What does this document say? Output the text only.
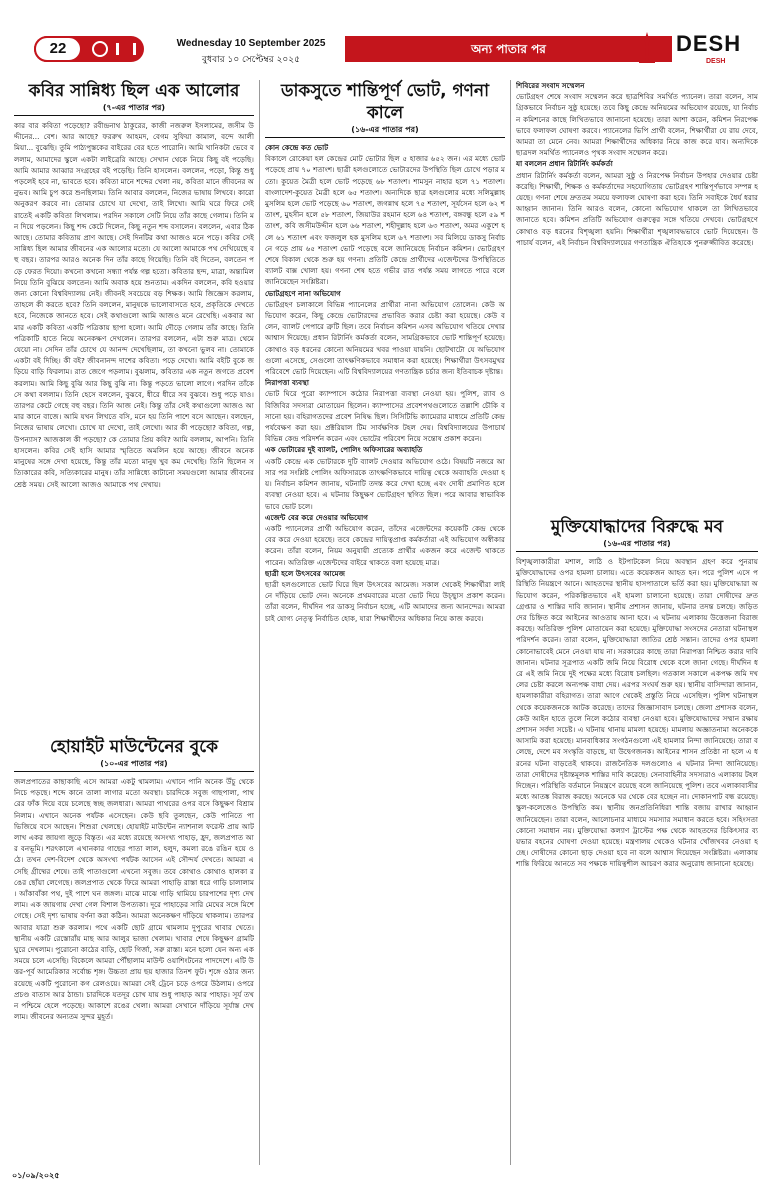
22	Wednesday 10 September 2025
বুধবার ১০ সেপ্টেম্বর ২০২৫
অন্য পাতার পর	DESH
DESH
কবির সান্নিধ্য ছিল এক আলোর
(৭-এর পাতার পর)
কার বার কবিতা পড়েছো? রবীন্দ্রনাথ ঠাকুরের, কাজী নজরুল ইসলামের, জসীম উদ্দীনের... বেশ। আর আছে? ফররুখ আহমদ, বেগম সুফিয়া কামাল, বন্দে আলী মিয়া... বুঝেছি। তুমি পাঠ্যপুস্তকের বাইরের বের হতে পারোনি। আমি খানিকটা ভেবে বললাম, আমাদের স্কুলে একটা লাইব্রেরি আছে। সেখান থেকে নিয়ে কিছু বই পড়েছি। আমি আমার আব্বার সংগ্রহের বই পড়েছি। তিনি হাসলেন। বললেন, পড়ো, কিন্তু শুধু পড়লেই হবে না, ভাবতে হবে। কবিতা মানে শব্দের খেলা নয়, কবিতা মানে জীবনের অনুভব। আমি চুপ করে শুনছিলাম। তিনি আবার বললেন, নিজের ভাষায় লিখবে। কারো অনুকরণ করবে না। তোমার চোখে যা দেখো, তাই লিখো। আমি ঘরে ফিরে সেই রাতেই একটি কবিতা লিখলাম। পরদিন সকালে সেটি নিয়ে তাঁর কাছে গেলাম। তিনি মন দিয়ে পড়লেন। কিছু শব্দ কেটে দিলেন, কিছু নতুন শব্দ বসালেন। বললেন, এবার ঠিক আছে। তোমার কবিতায় প্রাণ আছে। সেই দিনটির কথা আজও মনে পড়ে। কবির সেই সান্নিধ্য ছিল আমার জীবনের এক আলোর মতো। যে আলো আমাকে পথ দেখিয়েছে বহু বছর। তারপর আরও অনেক দিন তাঁর কাছে গিয়েছি। তিনি বই দিতেন, বলতেন পড়ে ফেরত দিয়ো। কখনো কখনো সন্ধ্যা পর্যন্ত গল্প হতো। কবিতার ছন্দ, মাত্রা, অন্ত্যমিল নিয়ে তিনি বুঝিয়ে বলতেন। আমি অবাক হয়ে শুনতাম। একদিন বললেন, কবি হওয়ার জন্য কোনো বিশ্ববিদ্যালয় নেই। জীবনই সবচেয়ে বড় শিক্ষক। আমি জিজ্ঞেস করলাম, তাহলে কী করতে হবে? তিনি বললেন, মানুষকে ভালোবাসতে হবে, প্রকৃতিকে দেখতে হবে, নিজেকে জানতে হবে। সেই কথাগুলো আমি আজও মনে রেখেছি। একবার আমার একটি কবিতা একটি পত্রিকায় ছাপা হলো। আমি দৌড়ে গেলাম তাঁর কাছে। তিনি পত্রিকাটি হাতে নিয়ে অনেকক্ষণ দেখলেন। তারপর বললেন, এটা শুরু মাত্র। থেমে যেয়ো না। সেদিন তাঁর চোখে যে আনন্দ দেখেছিলাম, তা কখনো ভুলব না। তোমাকে একটা বই দিচ্ছি। কী বই? জীবনানন্দ দাশের কবিতা। পড়ে দেখো। আমি বইটি বুকে জড়িয়ে বাড়ি ফিরলাম। রাত জেগে পড়লাম। বুঝলাম, কবিতার এক নতুন জগতে প্রবেশ করলাম। আমি কিছু বুঝি আর কিছু বুঝি না। কিন্তু পড়তে ভালো লাগে। পরদিন তাঁকে সে কথা বললাম। তিনি হেসে বললেন, বুঝবে, ধীরে ধীরে সব বুঝবে। শুধু পড়ে যাও। তারপর কেটে গেছে বহু বছর। তিনি আজ নেই। কিন্তু তাঁর সেই কথাগুলো আজও আমার কানে বাজে। আমি যখন লিখতে বসি, মনে হয় তিনি পাশে বসে আছেন। বলছেন, নিজের ভাষায় লেখো। চোখে যা দেখো, তাই লেখো। আর কী পড়েছো? কবিতা, গল্প, উপন্যাস? আজকাল কী পড়ছো? কে তোমার প্রিয় কবি? আমি বললাম, আপনি। তিনি হাসলেন। কবির সেই হাসি আমার স্মৃতিতে অমলিন হয়ে আছে। জীবনে অনেক মানুষের সঙ্গে দেখা হয়েছে, কিন্তু তাঁর মতো মানুষ খুব কম দেখেছি। তিনি ছিলেন সত্যিকারের কবি, সত্যিকারের মানুষ। তাঁর সান্নিধ্যে কাটানো সময়গুলো আমার জীবনের শ্রেষ্ঠ সময়। সেই আলো আজও আমাকে পথ দেখায়।
হোয়াইট মাউন্টেনের বুকে
(১০-এর পাতার পর)
জলপ্রপাতের কাছাকাছি এসে আমরা একটু থামলাম। এখানে পানি অনেক উঁচু থেকে নিচে পড়ছে। শব্দে কানে তালা লাগার মতো অবস্থা। চারদিকে সবুজ গাছপালা, পাথরের ফাঁক দিয়ে বয়ে চলেছে স্বচ্ছ জলধারা। আমরা পাথরের ওপর বসে কিছুক্ষণ বিশ্রাম নিলাম। এখানে অনেক পর্যটক এসেছেন। কেউ ছবি তুলছেন, কেউ পানিতে পা ভিজিয়ে বসে আছেন। শিশুরা খেলছে। হোয়াইট মাউন্টেন ন্যাশনাল ফরেস্ট প্রায় আট লাখ একর জায়গা জুড়ে বিস্তৃত। এর মধ্যে রয়েছে অসংখ্য পাহাড়, হ্রদ, জলপ্রপাত আর বনভূমি। শরৎকালে এখানকার গাছের পাতা লাল, হলুদ, কমলা রঙে রঙিন হয়ে ওঠে। তখন দেশ-বিদেশ থেকে অসংখ্য পর্যটক আসেন এই সৌন্দর্য দেখতে। আমরা এসেছি গ্রীষ্মের শেষে। তাই পাতাগুলো এখনো সবুজ। তবে কোথাও কোথাও হালকা রঙের ছোঁয়া লেগেছে। জলপ্রপাত থেকে ফিরে আমরা পাহাড়ি রাস্তা ধরে গাড়ি চালালাম। আঁকাবাঁকা পথ, দুই পাশে ঘন জঙ্গল। মাঝে মাঝে গাড়ি থামিয়ে চারপাশের দৃশ্য দেখলাম। এক জায়গায় দেখা গেল বিশাল উপত্যকা। দূরে পাহাড়ের সারি মেঘের সঙ্গে মিশে গেছে। সেই দৃশ্য ভাষায় বর্ণনা করা কঠিন। আমরা অনেকক্ষণ দাঁড়িয়ে থাকলাম। তারপর আবার যাত্রা শুরু করলাম। পথে একটি ছোট গ্রামে থামলাম দুপুরের খাবার খেতে। স্থানীয় একটি রেস্তোরাঁয় মাছ আর আলুর ভাজা খেলাম। খাবার শেষে কিছুক্ষণ গ্রামটি ঘুরে দেখলাম। পুরোনো কাঠের বাড়ি, ছোট গির্জা, সরু রাস্তা। মনে হলো যেন অন্য এক সময়ে চলে এসেছি। বিকেলে আমরা পৌঁছালাম মাউন্ট ওয়াশিংটনের পাদদেশে। এটি উত্তর-পূর্ব আমেরিকার সর্বোচ্চ শৃঙ্গ। উচ্চতা প্রায় ছয় হাজার তিনশ ফুট। শৃঙ্গে ওঠার জন্য রয়েছে একটি পুরোনো কগ রেলওয়ে। আমরা সেই ট্রেনে চড়ে ওপরে উঠলাম। ওপরে প্রচণ্ড বাতাস আর ঠান্ডা। চারদিকে যতদূর চোখ যায় শুধু পাহাড় আর পাহাড়। সূর্য তখন পশ্চিমে হেলে পড়েছে। আকাশে রঙের খেলা। আমরা সেখানে দাঁড়িয়ে সূর্যাস্ত দেখলাম। জীবনের অন্যতম সুন্দর মুহূর্ত।
ডাকসুতে শান্তিপূর্ণ ভোট, গণনা কালে
(১৬-এর পাতার পর)
কোন কেন্দ্রে কত ভোট
বিকালে রোকেয়া হল কেন্দ্রের মোট ভোটার ছিল ৫ হাজার ৬৫২ জন। এর মধ্যে ভোট পড়েছে প্রায় ৭০ শতাংশ। ছাত্রী হলগুলোতে ভোটারদের উপস্থিতি ছিল চোখে পড়ার মতো। কুয়েত মৈত্রী হলে ভোট পড়েছে ৬৮ শতাংশ। শামসুন নাহার হলে ৭১ শতাংশ। বাংলাদেশ-কুয়েত মৈত্রী হলে ৬৫ শতাংশ। অন্যদিকে ছাত্র হলগুলোর মধ্যে সলিমুল্লাহ মুসলিম হলে ভোট পড়েছে ৬০ শতাংশ, জগন্নাথ হলে ৭৫ শতাংশ, সূর্যসেন হলে ৬২ শতাংশ, মুহসীন হলে ৫৮ শতাংশ, জিয়াউর রহমান হলে ৬৪ শতাংশ, বঙ্গবন্ধু হলে ৫৯ শতাংশ, কবি জসীমউদ্দীন হলে ৬৬ শতাংশ, শহীদুল্লাহ হলে ৬৩ শতাংশ, অমর একুশে হলে ৬১ শতাংশ এবং ফজলুল হক মুসলিম হলে ৬৭ শতাংশ। সব মিলিয়ে ডাকসু নির্বাচনে গড়ে প্রায় ৬৫ শতাংশ ভোট পড়েছে বলে জানিয়েছে নির্বাচন কমিশন। ভোটগ্রহণ শেষে বিকাল থেকে শুরু হয় গণনা। প্রতিটি কেন্দ্রে প্রার্থীদের এজেন্টদের উপস্থিতিতে ব্যালট বাক্স খোলা হয়। গণনা শেষ হতে গভীর রাত পর্যন্ত সময় লাগতে পারে বলে জানিয়েছেন সংশ্লিষ্টরা।
ভোটগ্রহণে নানা অভিযোগ
ভোটগ্রহণ চলাকালে বিভিন্ন প্যানেলের প্রার্থীরা নানা অভিযোগ তোলেন। কেউ অভিযোগ করেন, কিছু কেন্দ্রে ভোটারদের প্রভাবিত করার চেষ্টা করা হয়েছে। কেউ বলেন, ব্যালট পেপারে ত্রুটি ছিল। তবে নির্বাচন কমিশন এসব অভিযোগ খতিয়ে দেখার আশ্বাস দিয়েছে। প্রধান রিটার্নিং কর্মকর্তা বলেন, সামগ্রিকভাবে ভোট শান্তিপূর্ণ হয়েছে। কোথাও বড় ধরনের কোনো অনিয়মের খবর পাওয়া যায়নি। ছোটখাটো যে অভিযোগগুলো এসেছে, সেগুলো তাৎক্ষণিকভাবে সমাধান করা হয়েছে। শিক্ষার্থীরা উৎসবমুখর পরিবেশে ভোট দিয়েছেন। এটি বিশ্ববিদ্যালয়ের গণতান্ত্রিক চর্চার জন্য ইতিবাচক দৃষ্টান্ত।
নিরাপত্তা ব্যবস্থা
ভোট ঘিরে পুরো ক্যাম্পাসে কঠোর নিরাপত্তা ব্যবস্থা নেওয়া হয়। পুলিশ, র‌্যাব ও বিজিবির সদস্যরা মোতায়েন ছিলেন। ক্যাম্পাসের প্রবেশপথগুলোতে তল্লাশি চৌকি বসানো হয়। বহিরাগতদের প্রবেশ নিষিদ্ধ ছিল। সিসিটিভি ক্যামেরার মাধ্যমে প্রতিটি কেন্দ্র পর্যবেক্ষণ করা হয়। প্রক্টরিয়াল টিম সার্বক্ষণিক টহল দেয়। বিশ্ববিদ্যালয়ের উপাচার্য বিভিন্ন কেন্দ্র পরিদর্শন করেন এবং ভোটের পরিবেশ নিয়ে সন্তোষ প্রকাশ করেন।
এক ভোটারের দুই ব্যালট, পোলিং অফিসারের অব্যাহতি
একটি কেন্দ্রে এক ভোটারকে দুটি ব্যালট দেওয়ার অভিযোগ ওঠে। বিষয়টি নজরে আসার পর সংশ্লিষ্ট পোলিং অফিসারকে তাৎক্ষণিকভাবে দায়িত্ব থেকে অব্যাহতি দেওয়া হয়। নির্বাচন কমিশন জানায়, ঘটনাটি তদন্ত করে দেখা হচ্ছে এবং দোষী প্রমাণিত হলে ব্যবস্থা নেওয়া হবে। এ ঘটনায় কিছুক্ষণ ভোটগ্রহণ স্থগিত ছিল। পরে আবার স্বাভাবিকভাবে ভোট চলে।
এজেন্ট বের করে দেওয়ার অভিযোগ
একটি প্যানেলের প্রার্থী অভিযোগ করেন, তাঁদের এজেন্টদের কয়েকটি কেন্দ্র থেকে বের করে দেওয়া হয়েছে। তবে কেন্দ্রের দায়িত্বপ্রাপ্ত কর্মকর্তারা এই অভিযোগ অস্বীকার করেন। তাঁরা বলেন, নিয়ম অনুযায়ী প্রত্যেক প্রার্থীর একজন করে এজেন্ট থাকতে পারেন। অতিরিক্ত এজেন্টদের বাইরে থাকতে বলা হয়েছে মাত্র।
ছাত্রী হলে উৎসবের আমেজ
ছাত্রী হলগুলোতে ভোট ঘিরে ছিল উৎসবের আমেজ। সকাল থেকেই শিক্ষার্থীরা লাইনে দাঁড়িয়ে ভোট দেন। অনেকে প্রথমবারের মতো ভোট দিয়ে উচ্ছ্বাস প্রকাশ করেন। তাঁরা বলেন, দীর্ঘদিন পর ডাকসু নির্বাচন হচ্ছে, এটি আমাদের জন্য আনন্দের। আমরা চাই যোগ্য নেতৃত্ব নির্বাচিত হোক, যারা শিক্ষার্থীদের অধিকার নিয়ে কাজ করবে।
শিবিরের সংবাদ সম্মেলন
ভোটগ্রহণ শেষে সংবাদ সম্মেলন করে ছাত্রশিবির সমর্থিত প্যানেল। তারা বলেন, সামগ্রিকভাবে নির্বাচন সুষ্ঠু হয়েছে। তবে কিছু কেন্দ্রে অনিয়মের অভিযোগ রয়েছে, যা নির্বাচন কমিশনের কাছে লিখিতভাবে জানানো হয়েছে। তারা আশা করেন, কমিশন নিরপেক্ষভাবে ফলাফল ঘোষণা করবে। প্যানেলের ভিপি প্রার্থী বলেন, শিক্ষার্থীরা যে রায় দেবে, আমরা তা মেনে নেব। আমরা শিক্ষার্থীদের অধিকার নিয়ে কাজ করে যাব। অন্যদিকে ছাত্রদল সমর্থিত প্যানেলও পৃথক সংবাদ সম্মেলন করে।
যা বললেন প্রধান রিটার্নিং কর্মকর্তা
প্রধান রিটার্নিং কর্মকর্তা বলেন, আমরা সুষ্ঠু ও নিরপেক্ষ নির্বাচন উপহার দেওয়ার চেষ্টা করেছি। শিক্ষার্থী, শিক্ষক ও কর্মকর্তাদের সহযোগিতায় ভোটগ্রহণ শান্তিপূর্ণভাবে সম্পন্ন হয়েছে। গণনা শেষে দ্রুততম সময়ে ফলাফল ঘোষণা করা হবে। তিনি সবাইকে ধৈর্য ধরার আহ্বান জানান। তিনি আরও বলেন, কোনো অভিযোগ থাকলে তা লিখিতভাবে জানাতে হবে। কমিশন প্রতিটি অভিযোগ গুরুত্বের সঙ্গে খতিয়ে দেখবে। ভোটগ্রহণে কোথাও বড় ধরনের বিশৃঙ্খলা হয়নি। শিক্ষার্থীরা শৃঙ্খলাবদ্ধভাবে ভোট দিয়েছেন। উপাচার্য বলেন, এই নির্বাচন বিশ্ববিদ্যালয়ের গণতান্ত্রিক ঐতিহ্যকে পুনরুজ্জীবিত করেছে।
মুক্তিযোদ্ধাদের বিরুদ্ধে মব
(১৬-এর পাতার পর)
বিশৃঙ্খলাকারীরা মশাল, লাঠি ও ইটপাটকেল নিয়ে অবস্থান গ্রহণ করে পুনরায় মুক্তিযোদ্ধাদের ওপর হামলা চালায়। এতে কয়েকজন আহত হন। পরে পুলিশ এসে পরিস্থিতি নিয়ন্ত্রণে আনে। আহতদের স্থানীয় হাসপাতালে ভর্তি করা হয়। মুক্তিযোদ্ধারা অভিযোগ করেন, পরিকল্পিতভাবে এই হামলা চালানো হয়েছে। তারা দোষীদের দ্রুত গ্রেপ্তার ও শাস্তির দাবি জানান। স্থানীয় প্রশাসন জানায়, ঘটনার তদন্ত চলছে। জড়িতদের চিহ্নিত করে আইনের আওতায় আনা হবে। এ ঘটনায় এলাকায় উত্তেজনা বিরাজ করছে। অতিরিক্ত পুলিশ মোতায়েন করা হয়েছে। মুক্তিযোদ্ধা সংসদের নেতারা ঘটনাস্থল পরিদর্শন করেন। তারা বলেন, মুক্তিযোদ্ধারা জাতির শ্রেষ্ঠ সন্তান। তাদের ওপর হামলা কোনোভাবেই মেনে নেওয়া যায় না। সরকারের কাছে তারা নিরাপত্তা নিশ্চিত করার দাবি জানান। ঘটনার সূত্রপাত একটি জমি নিয়ে বিরোধ থেকে বলে জানা গেছে। দীর্ঘদিন ধরে এই জমি নিয়ে দুই পক্ষের মধ্যে বিরোধ চলছিল। গতকাল সকালে একপক্ষ জমি দখলের চেষ্টা করলে অন্যপক্ষ বাধা দেয়। এরপর সংঘর্ষ শুরু হয়। স্থানীয় বাসিন্দারা জানান, হামলাকারীরা বহিরাগত। তারা আগে থেকেই প্রস্তুতি নিয়ে এসেছিল। পুলিশ ঘটনাস্থল থেকে কয়েকজনকে আটক করেছে। তাদের জিজ্ঞাসাবাদ চলছে। জেলা প্রশাসক বলেন, কেউ আইন হাতে তুলে নিলে কঠোর ব্যবস্থা নেওয়া হবে। মুক্তিযোদ্ধাদের সম্মান রক্ষায় প্রশাসন সর্বদা সচেষ্ট। এ ঘটনায় থানায় মামলা হয়েছে। মামলায় অজ্ঞাতনামা অনেককে আসামি করা হয়েছে। মানবাধিকার সংগঠনগুলো এই হামলার নিন্দা জানিয়েছে। তারা বলেছে, দেশে মব সংস্কৃতি বাড়ছে, যা উদ্বেগজনক। আইনের শাসন প্রতিষ্ঠা না হলে এ ধরনের ঘটনা বাড়তেই থাকবে। রাজনৈতিক দলগুলোও এ ঘটনার নিন্দা জানিয়েছে। তারা দোষীদের দৃষ্টান্তমূলক শাস্তির দাবি করেছে। সেনাবাহিনীর সদস্যরাও এলাকায় টহল দিচ্ছেন। পরিস্থিতি বর্তমানে নিয়ন্ত্রণে রয়েছে বলে জানিয়েছে পুলিশ। তবে এলাকাবাসীর মধ্যে আতঙ্ক বিরাজ করছে। অনেকে ঘর থেকে বের হচ্ছেন না। দোকানপাট বন্ধ রয়েছে। স্কুল-কলেজেও উপস্থিতি কম। স্থানীয় জনপ্রতিনিধিরা শান্তি বজায় রাখার আহ্বান জানিয়েছেন। তারা বলেন, আলোচনার মাধ্যমে সমস্যার সমাধান করতে হবে। সহিংসতা কোনো সমাধান নয়। মুক্তিযোদ্ধা কল্যাণ ট্রাস্টের পক্ষ থেকে আহতদের চিকিৎসার ব্যয়ভার বহনের ঘোষণা দেওয়া হয়েছে। মন্ত্রণালয় থেকেও ঘটনার খোঁজখবর নেওয়া হচ্ছে। দোষীদের কোনো ছাড় দেওয়া হবে না বলে আশ্বাস দিয়েছেন সংশ্লিষ্টরা। এলাকায় শান্তি ফিরিয়ে আনতে সব পক্ষকে দায়িত্বশীল আচরণ করার অনুরোধ জানানো হয়েছে।
০১/০৯/২০২৫
